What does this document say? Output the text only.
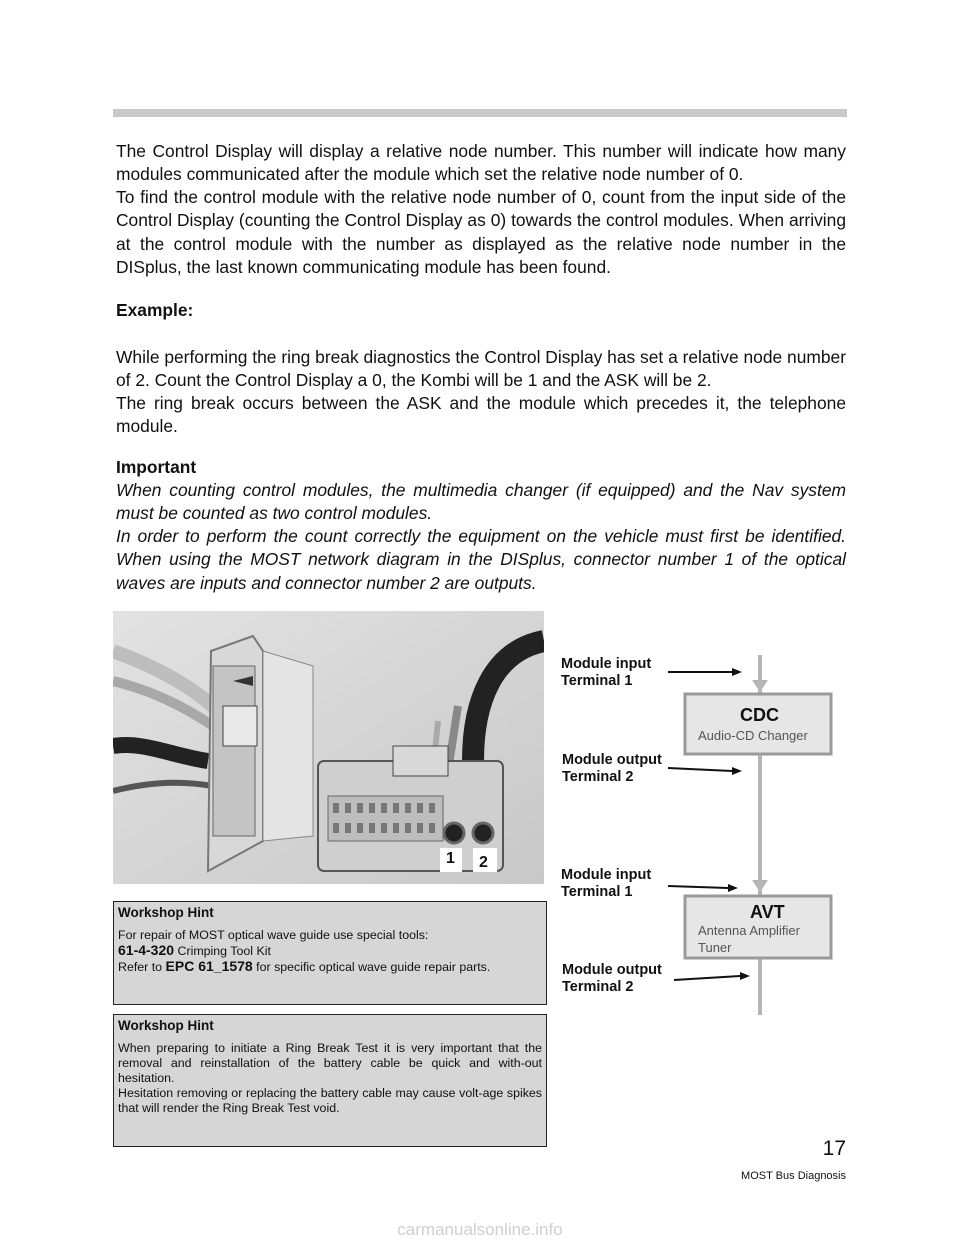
The Control Display will display a relative node number. This number will indicate how many modules communicated after the module which set the relative node number of 0.

To find the control module with the relative node number of 0, count from the input side of the Control Display (counting the Control Display as 0) towards the control modules. When arriving at the control module with the number as displayed as the relative node number in the DISplus, the last known communicating module has been found.

Example:

While performing the ring break diagnostics the Control Display has set a relative node number of 2. Count the Control Display a 0, the Kombi will be 1 and the ASK will be 2.

The ring break occurs between the ASK and the module which precedes it, the telephone module.

Important

When counting control modules, the multimedia changer (if equipped) and the Nav system must be counted as two control modules.

In order to perform the count correctly the equipment on the vehicle must first be identified. When using the MOST network diagram in the DISplus, connector number 1 of the optical waves are inputs and connector number 2 are outputs.

1 2
Workshop Hint

For repair of MOST optical wave guide use special tools:

61-4-320 Crimping Tool Kit

Refer to EPC 61_1578 for specific optical wave guide repair parts.

Workshop Hint

When preparing to initiate a Ring Break Test it is very important that the removal and reinstallation of the battery cable be quick and with-out hesitation.

Hesitation removing or replacing the battery cable may cause volt-age spikes that will render the Ring Break Test void.

CDC
Audio-CD Changer
AVT
Antenna Amplifier
Tuner
Module input
Terminal 1
Module output
Terminal 2
Module input
Terminal 1
Module output
Terminal 2
17
MOST Bus Diagnosis
carmanualsonline.info
